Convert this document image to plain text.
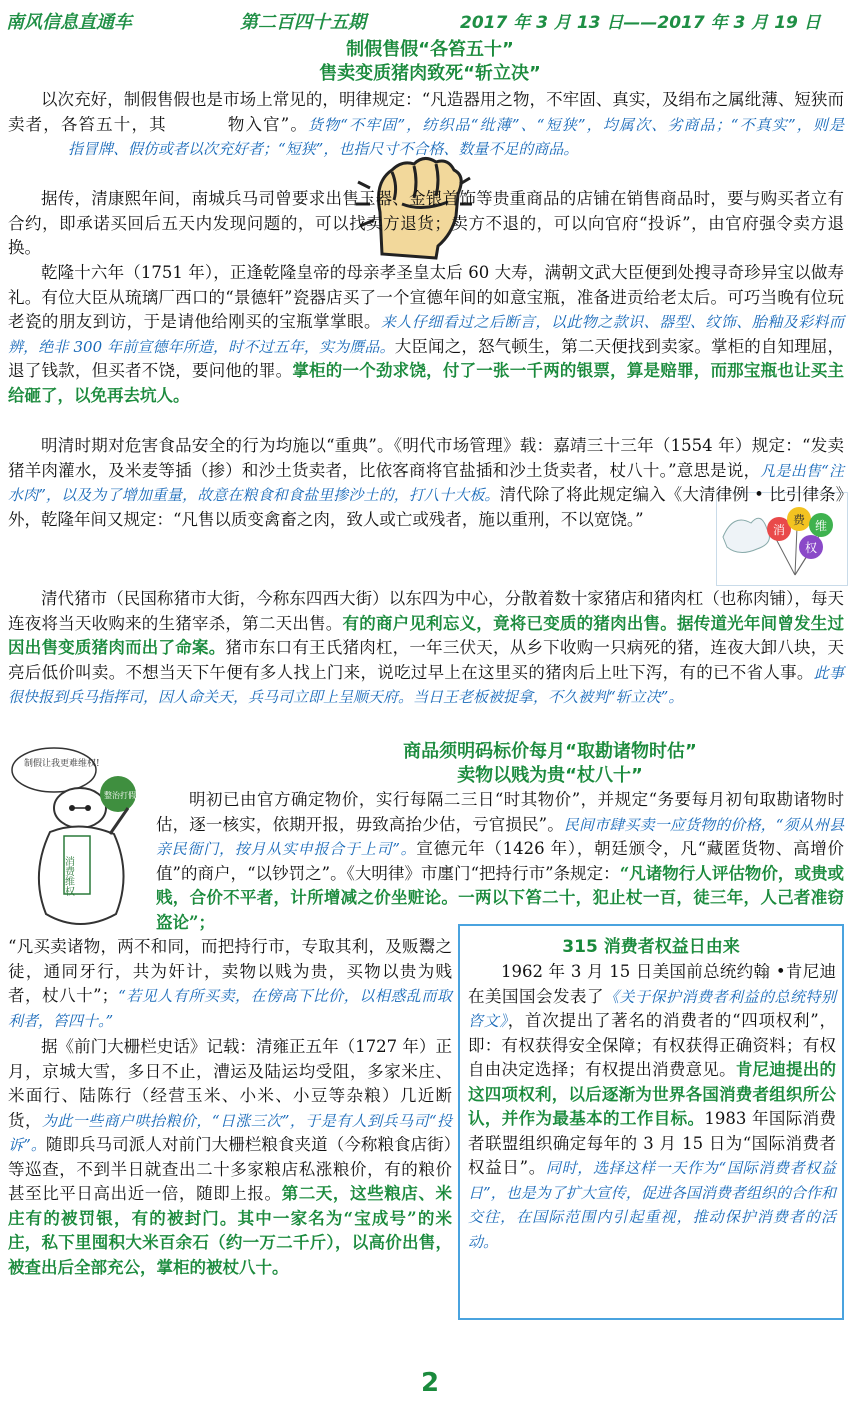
南风信息直通车	第二百四十五期	2017 年 3 月 13 日——2017 年 3 月 19 日
制假售假“各笞五十”
售卖变质猪肉致死“斩立决”

以次充好，制假售假也是市场上常见的，明律规定：“凡造器用之物，不牢固、真实，及绢布之属纰薄、短狭而卖者，各笞五十，其	物入官”。货物“不牢固”，纺织品“纰薄”、“短狭”，均属次、劣商品；“不真实”，则是指冒牌、假仿或者以次充好者；“短狭”，也指尺寸不合格、数量不足的商品。

据传，清康熙年间，南城兵马司曾要求出售玉器、金银首饰等贵重商品的店铺在销售商品时，要与购买者立有合约，即承诺买回后五天内发现问题的，可以找卖方退货；卖方不退的，可以向官府“投诉”，由官府强令卖方退换。

乾隆十六年（1751 年），正逢乾隆皇帝的母亲孝圣皇太后 60 大寿，满朝文武大臣便到处搜寻奇珍异宝以做寿礼。有位大臣从琉璃厂西口的“景德轩”瓷器店买了一个宣德年间的如意宝瓶，准备进贡给老太后。可巧当晚有位玩老瓷的朋友到访，于是请他给刚买的宝瓶掌掌眼。来人仔细看过之后断言，以此物之款识、器型、纹饰、胎釉及彩料而辨，绝非 300 年前宣德年所造，时不过五年，实为赝品。大臣闻之，怒气顿生，第二天便找到卖家。掌柜的自知理屈，退了钱款，但买者不饶，要问他的罪。掌柜的一个劲求饶，付了一张一千两的银票，算是赔罪，而那宝瓶也让买主给砸了，以免再去坑人。

消
费 维
权

明清时期对危害食品安全的行为均施以“重典”。《明代市场管理》载：嘉靖三十三年（1554 年）规定：“发卖猪羊肉灌水，及米麦等插（掺）和沙土货卖者，比依客商将官盐插和沙土货卖者，杖八十。”意思是说，凡是出售“注水肉”，以及为了增加重量，故意在粮食和食盐里掺沙土的，打八十大板。清代除了将此规定编入《大清律例 • 比引律条》外，乾隆年间又规定：“凡售以质变禽畜之肉，致人或亡或残者，施以重刑，不以宽饶。”

清代猪市（民国称猪市大街，今称东四西大街）以东四为中心，分散着数十家猪店和猪肉杠（也称肉铺），每天连夜将当天收购来的生猪宰杀，第二天出售。有的商户见利忘义，竟将已变质的猪肉出售。据传道光年间曾发生过因出售变质猪肉而出了命案。猪市东口有王氏猪肉杠，一年三伏天，从乡下收购一只病死的猪，连夜大卸八块，天亮后低价叫卖。不想当天下午便有多人找上门来，说吃过早上在这里买的猪肉后上吐下泻，有的已不省人事。此事很快报到兵马指挥司，因人命关天，兵马司立即上呈顺天府。当日王老板被捉拿，不久被判“斩立决”。

商品须明码标价每月“取勘诸物时估”
卖物以贱为贵“杖八十”
制假让我更难维权!
消费维权
整治打假	明初已由官方确定物价，实行每隔二三日“时其物价”，并规定“务要每月初旬取勘诸物时估，逐一核实，依期开报，毋致高抬少估，亏官损民”。民间市肆买卖一应货物的价格，“须从州县亲民衙门，按月从实申报合于上司”。宣德元年（1426 年），朝廷颁令，凡“藏匿货物、高增价值”的商户，“以钞罚之”。《大明律》市廛门“把持行市”条规定：“凡诸物行人评估物价，或贵或贱，合价不平者，计所增减之价坐赃论。一两以下笞二十，犯止杖一百，徒三年，人己者准窃盗论”；

“凡买卖诸物，两不和同，而把持行市，专取其利，及贩鬻之徒，通同牙行，共为奸计，卖物以贱为贵，买物以贵为贱者，杖八十”；“若见人有所买卖，在傍高下比价，以相惑乱而取利者，笞四十。”

据《前门大栅栏史话》记载：清雍正五年（1727 年）正月，京城大雪，多日不止，漕运及陆运均受阻，多家米庄、米面行、陆陈行（经营玉米、小米、小豆等杂粮）几近断货，为此一些商户哄抬粮价，“日涨三次”，于是有人到兵马司“投诉”。随即兵马司派人对前门大栅栏粮食夹道（今称粮食店街）等巡查，不到半日就查出二十多家粮店私涨粮价，有的粮价甚至比平日高出近一倍，随即上报。第二天，这些粮店、米庄有的被罚银，有的被封门。其中一家名为“宝成号”的米庄，私下里囤积大米百余石（约一万二千斤），以高价出售，被查出后全部充公，掌柜的被杖八十。

315 消费者权益日由来

1962 年 3 月 15 日美国前总统约翰 •肯尼迪在美国国会发表了《关于保护消费者利益的总统特别咨文》，首次提出了著名的消费者的“四项权利”，即：有权获得安全保障；有权获得正确资料；有权自由决定选择；有权提出消费意见。肯尼迪提出的这四项权利，以后逐渐为世界各国消费者组织所公认，并作为最基本的工作目标。1983 年国际消费者联盟组织确定每年的 3 月 15 日为“国际消费者权益日”。同时，选择这样一天作为“国际消费者权益日”，也是为了扩大宣传，促进各国消费者组织的合作和交往，在国际范围内引起重视，推动保护消费者的活动。

2
